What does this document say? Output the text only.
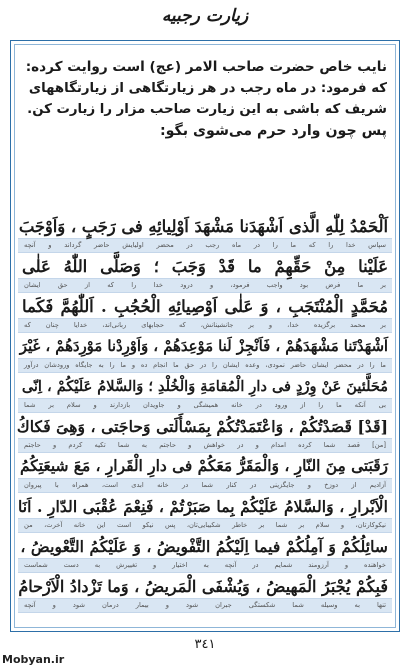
زیارت رجبیه
نایب خاص حضرت صاحب الامر (عج) است روایت کرده:
که فرمود: در ماه رجب در هر زیارتگاهی از زیارتگاههای
شریف که باشی به این زیارت صاحب مزار را زیارت کن.
پس چون وارد حرم می‌شوی بگو:
اَلْحَمْدُ لِلّٰهِ الَّذى اَشْهَدَنا مَشْهَدَ اَوْلِيائِهِ فى رَجَبٍ ، وَاَوْجَبَ
سپاس خدا را که ما را در ماه رجب در محضر اولیایش حاضر گرداند و آنچه
عَلَيْنا مِنْ حَقِّهِمْ ما قَدْ وَجَبَ ؛ وَصَلَّى اللّٰهُ عَلٰى
بر ما فرض بود واجب فرمود، و درود خدا را که از حق ایشان
مُحَمَّدٍ الْمُنْتَجَبِ ، وَ عَلٰى اَوْصِيائِهِ الْحُجُبِ . اَللّٰهُمَّ فَكَما
بر محمد برگزیده خدا، و بر جانشینانش، که حجابهای ربانی‌اند، خدایا چنان که
اَشْهَدْتَنا مَشْهَدَهُمْ ، فَاَنْجِزْ لَنا مَوْعِدَهُمْ ، وَاَوْرِدْنا مَوْرِدَهُمْ ، غَيْرَ
ما را در محضر ایشان حاضر نمودی، وعده ایشان را در حق ما انجام ده و ما را به جایگاه ورودشان درآور
مُحَلَّئينَ عَنْ وِرْدٍ فى دارِ الْمُقامَةِ وَالْخُلْدِ ؛ وَالسَّلامُ عَلَيْكُمْ ، اِنّى
بی آنکه ما را از ورود در خانه همیشگی و جاویدان بازدارند و سلام بر شما
[قَدْ] قَصَدْتُكُمْ ، وَاعْتَمَدْتُكُمْ بِمَسْأَلَتى وَحاجَتى ، وَهِىَ فَكاكُ
[من] قصد شما کرده امدام و در خواهش و حاجتم به شما تکیه کردم و حاجتم
رَقَبَتى مِنَ النّارِ ، وَالْمَقَرُّ مَعَكُمْ فى دارِ الْقَرارِ ، مَعَ شيعَتِكُمُ
آزادیم از دوزخ و جایگزینی در کنار شما در خانه ابدی است، همراه با پیروان
الْاَبْرارِ ، وَالسَّلامُ عَلَيْكُمْ بِما صَبَرْتُمْ ، فَنِعْمَ عُقْبَى الدّارِ . اَنَا
نیکوکارتان، و سلام بر شما بر خاطر شکیبایی‌تان، پس نیکو است این خانه آخرت، من
سائِلُكُمْ وَ آمِلُكُمْ فيما اِلَيْكُمُ التَّفْويضُ ، وَ عَلَيْكُمُ التَّعْويضُ ،
خواهنده و آرزومند شمایم در آنچه به اختیار و تغییرش به دست شماست
فَبِكُمْ يُجْبَرُ الْمَهيضُ ، وَيُشْفَى الْمَريضُ ، وَما تَزْدادُ الْاَرْحامُ
تنها به وسیله شما شکستگی جبران شود و بیمار درمان شود و آنچه
٣٤١
Mobyan.ir
